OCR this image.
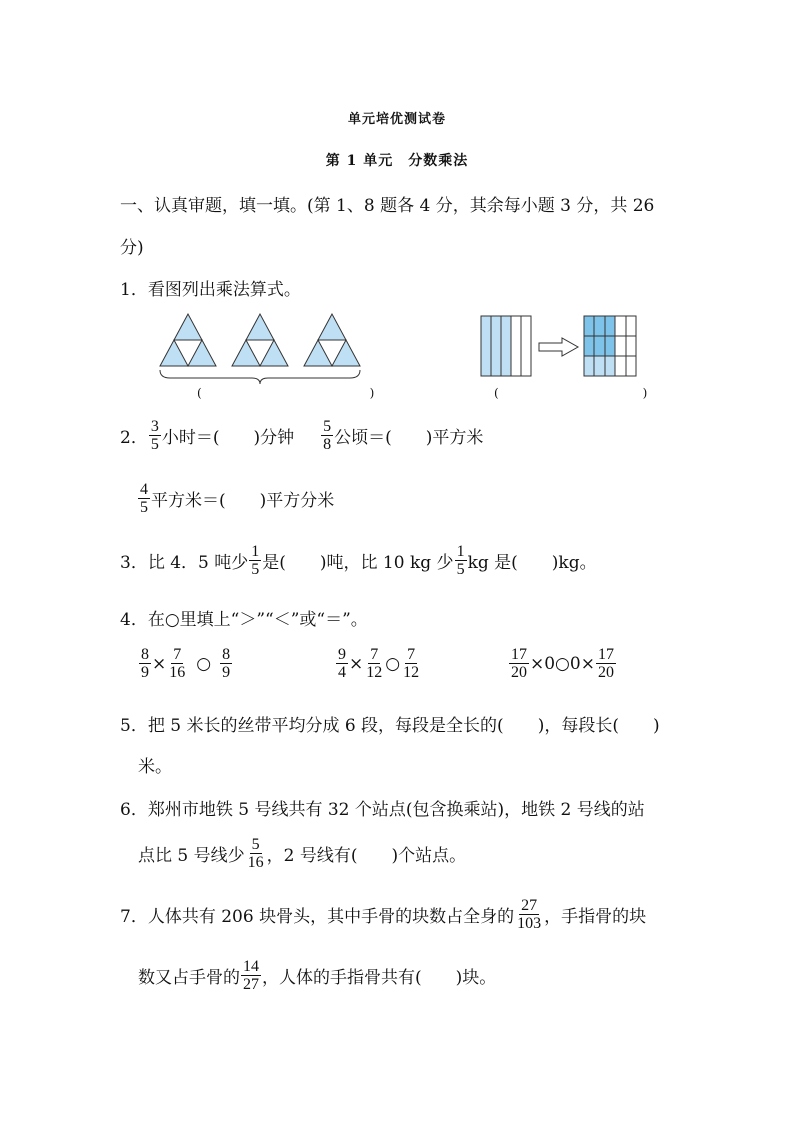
单元培优测试卷
第 1 单元　分数乘法
一、认真审题，填一填。(第 1、8 题各 4 分，其余每小题 3 分，共 26
分)
1．看图列出乘法算式。
(　　　　　　　　　　　　　　)	(　　　　　　　　　　　　)
2． $\frac{3}{5}$ 小时＝(　　)分钟 $\frac{5}{8}$ 公顷＝(　　)平方米
$\frac{4}{5}$ 平方米＝(　　)平方分米
3．比 4．5 吨少 $\frac{1}{5}$ 是(　　)吨，比 10 kg 少 $\frac{1}{5}$ kg 是(　　)kg。
4．在○里填上“＞”“＜”或“＝”。
$\frac{8}{9} \times \frac{7}{16}$ ○ $\frac{8}{9}$	$\frac{9}{4} \times \frac{7}{12}$ ○ $\frac{7}{12}$	$\frac{17}{20}$ ×0○0× $\frac{17}{20}$
5．把 5 米长的丝带平均分成 6 段，每段是全长的(　　)，每段长(　　)
米。
6．郑州市地铁 5 号线共有 32 个站点(包含换乘站)，地铁 2 号线的站
点比 5 号线少 $\frac{5}{16}$ ，2 号线有(　　)个站点。
7．人体共有 206 块骨头，其中手骨的块数占全身的 $\frac{27}{103}$ ，手指骨的块
数又占手骨的 $\frac{14}{27}$ ，人体的手指骨共有(　　)块。
